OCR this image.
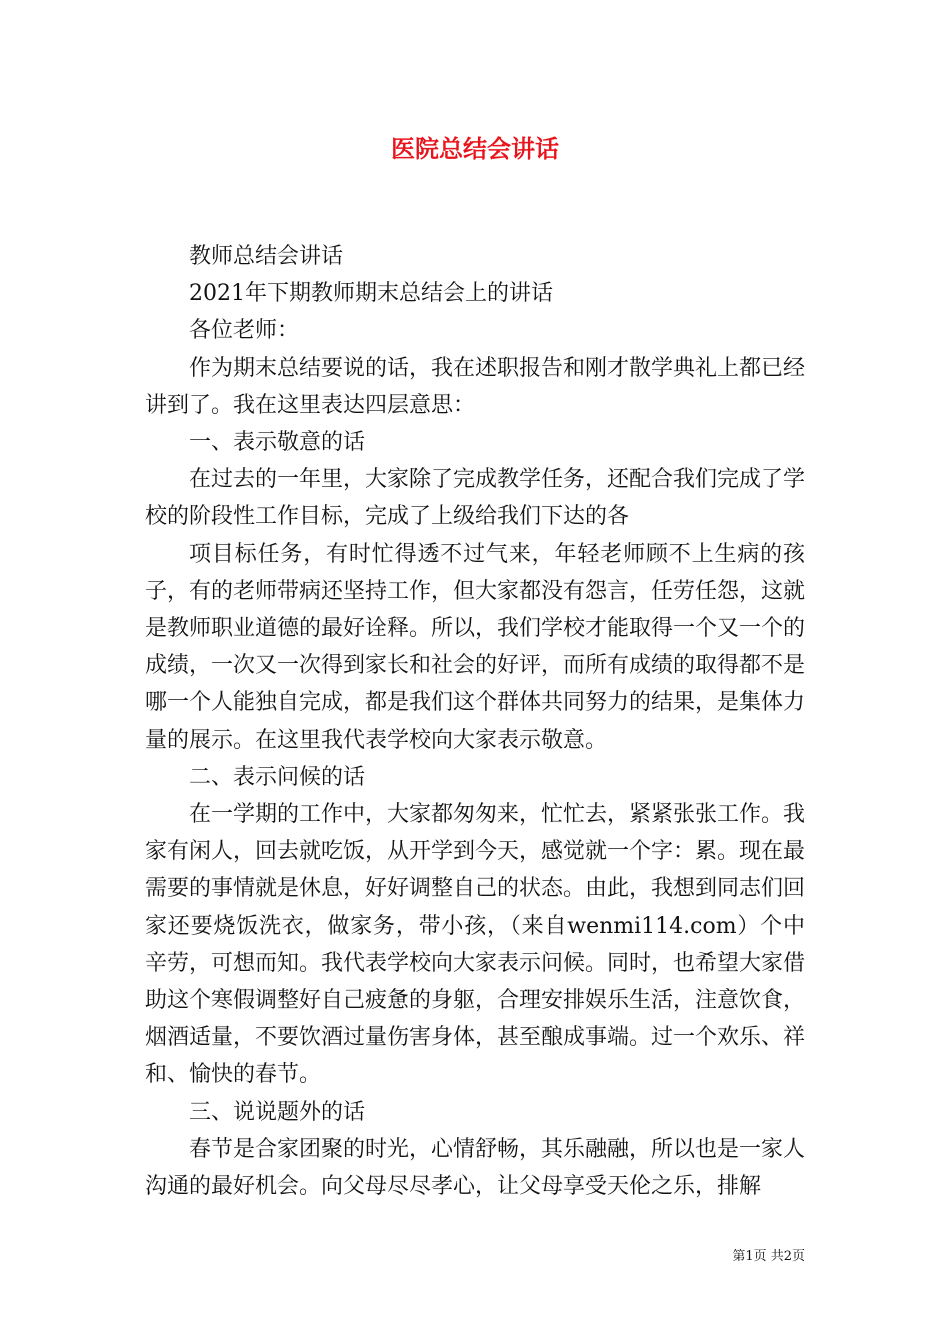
医院总结会讲话

教师总结会讲话

2021年下期教师期末总结会上的讲话

各位老师：

作为期末总结要说的话，我在述职报告和刚才散学典礼上都已经讲到了。我在这里表达四层意思：

一、表示敬意的话

在过去的一年里，大家除了完成教学任务，还配合我们完成了学校的阶段性工作目标，完成了上级给我们下达的各

项目标任务，有时忙得透不过气来，年轻老师顾不上生病的孩子，有的老师带病还坚持工作，但大家都没有怨言，任劳任怨，这就是教师职业道德的最好诠释。所以，我们学校才能取得一个又一个的成绩，一次又一次得到家长和社会的好评，而所有成绩的取得都不是哪一个人能独自完成，都是我们这个群体共同努力的结果，是集体力量的展示。在这里我代表学校向大家表示敬意。

二、表示问候的话

在一学期的工作中，大家都匆匆来，忙忙去，紧紧张张工作。我家有闲人，回去就吃饭，从开学到今天，感觉就一个字：累。现在最需要的事情就是休息，好好调整自己的状态。由此，我想到同志们回家还要烧饭洗衣，做家务，带小孩，（来自wenmi114.com）个中辛劳，可想而知。我代表学校向大家表示问候。同时，也希望大家借助这个寒假调整好自己疲惫的身躯，合理安排娱乐生活，注意饮食，烟酒适量，不要饮酒过量伤害身体，甚至酿成事端。过一个欢乐、祥和、愉快的春节。

三、说说题外的话

春节是合家团聚的时光，心情舒畅，其乐融融，所以也是一家人沟通的最好机会。向父母尽尽孝心，让父母享受天伦之乐，排解

第1页 共2页
